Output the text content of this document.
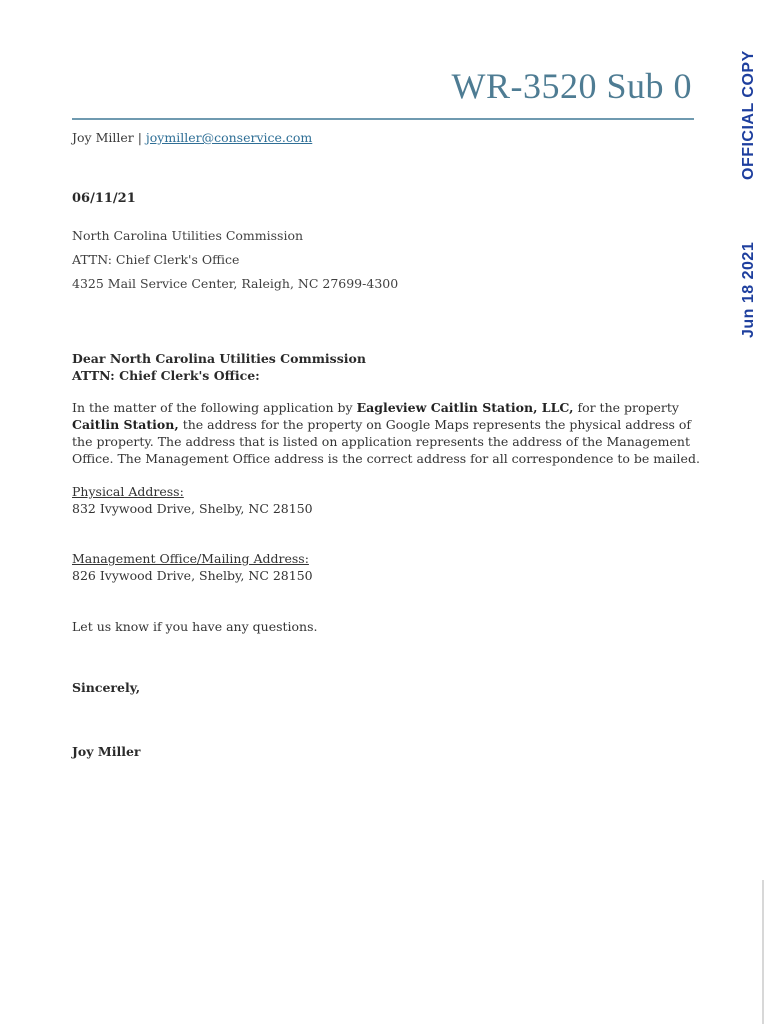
WR-3520 Sub 0
Joy Miller | joymiller@conservice.com	OFFICIAL COPY
Jun 18 2021
06/11/21
North Carolina Utilities Commission
ATTN: Chief Clerk's Office
4325 Mail Service Center, Raleigh, NC 27699-4300
Dear North Carolina Utilities Commission
ATTN: Chief Clerk's Office:
In the matter of the following application by Eagleview Caitlin Station, LLC, for the property Caitlin Station, the address for the property on Google Maps represents the physical address of the property. The address that is listed on application represents the address of the Management Office. The Management Office address is the correct address for all correspondence to be mailed.
Physical Address:
832 Ivywood Drive, Shelby, NC 28150
Management Office/Mailing Address:
826 Ivywood Drive, Shelby, NC 28150
Let us know if you have any questions.
Sincerely,
Joy Miller
